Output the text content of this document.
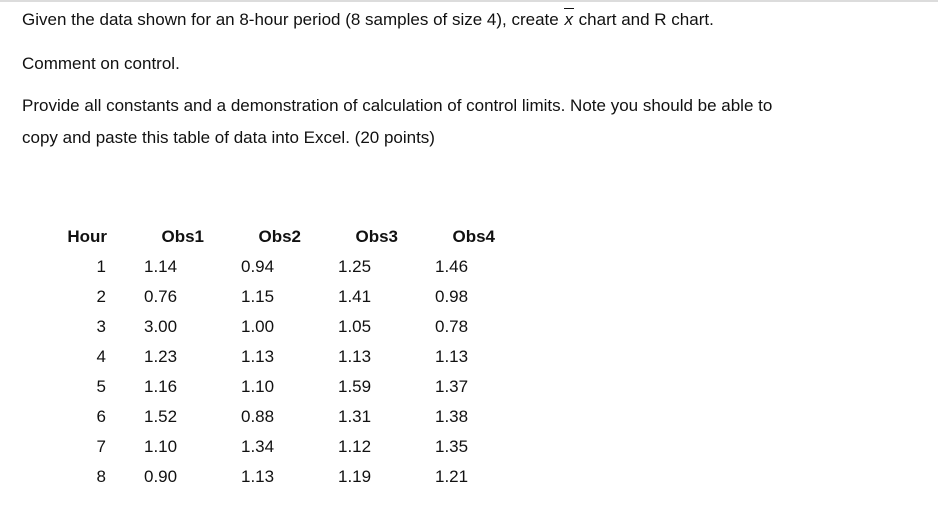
Given the data shown for an 8-hour period (8 samples of size 4), create x chart and R chart.

Comment on control.

Provide all constants and a demonstration of calculation of control limits. Note you should be able to
copy and paste this table of data into Excel. (20 points)
Hour	Obs1	Obs2	Obs3	Obs4
1	1.14	0.94	1.25	1.46
2	0.76	1.15	1.41	0.98
3	3.00	1.00	1.05	0.78
4	1.23	1.13	1.13	1.13
5	1.16	1.10	1.59	1.37
6	1.52	0.88	1.31	1.38
7	1.10	1.34	1.12	1.35
8	0.90	1.13	1.19	1.21
